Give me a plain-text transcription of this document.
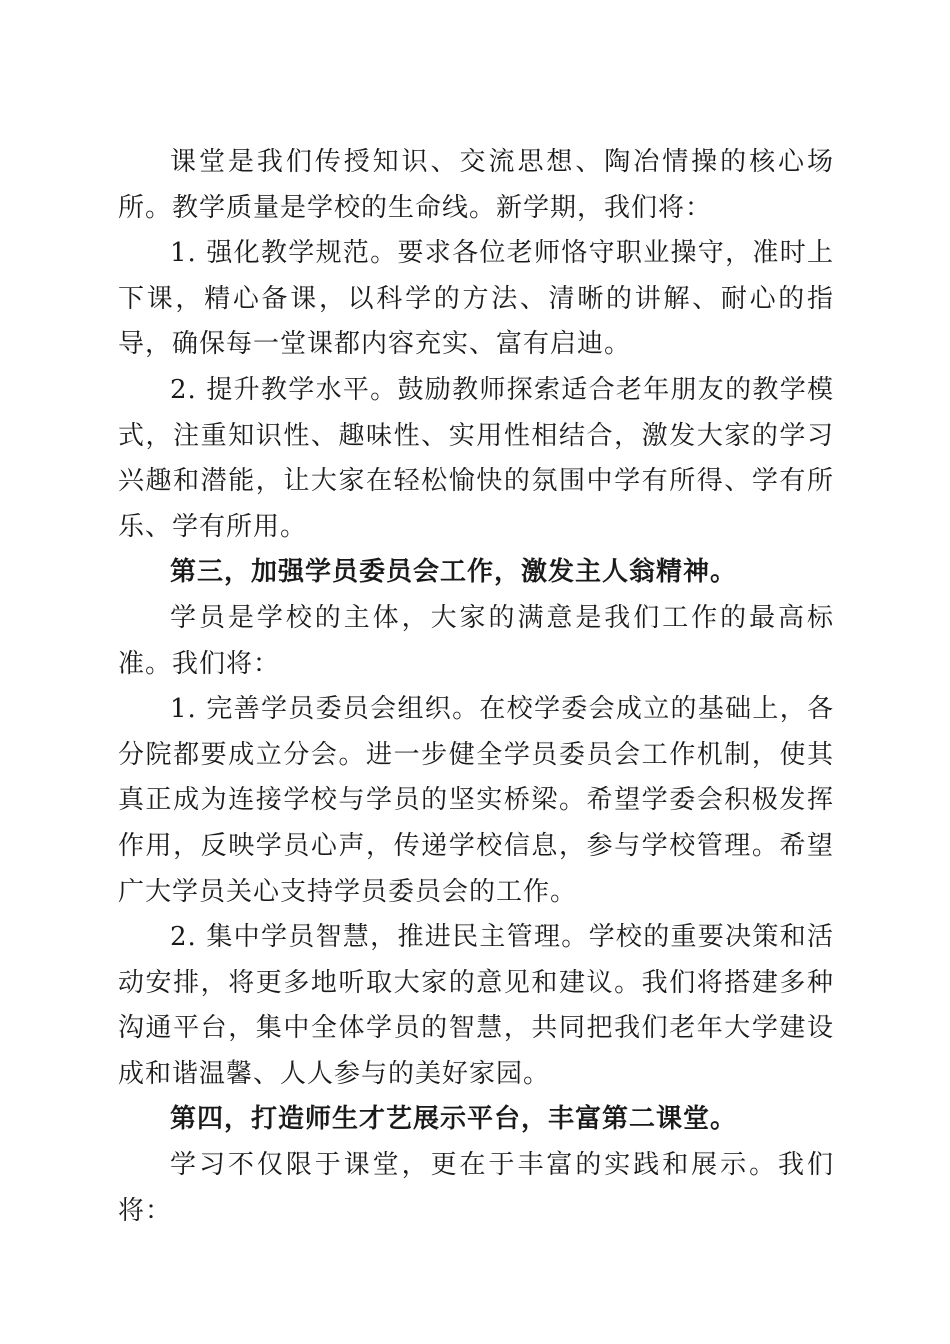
课堂是我们传授知识、交流思想、陶冶情操的核心场所。教学质量是学校的生命线。新学期，我们将：

1. 强化教学规范。要求各位老师恪守职业操守，准时上下课，精心备课，以科学的方法、清晰的讲解、耐心的指导，确保每一堂课都内容充实、富有启迪。

2. 提升教学水平。鼓励教师探索适合老年朋友的教学模式，注重知识性、趣味性、实用性相结合，激发大家的学习兴趣和潜能，让大家在轻松愉快的氛围中学有所得、学有所乐、学有所用。

第三，加强学员委员会工作，激发主人翁精神。

学员是学校的主体，大家的满意是我们工作的最高标准。我们将：

1. 完善学员委员会组织。在校学委会成立的基础上，各分院都要成立分会。进一步健全学员委员会工作机制，使其真正成为连接学校与学员的坚实桥梁。希望学委会积极发挥作用，反映学员心声，传递学校信息，参与学校管理。希望广大学员关心支持学员委员会的工作。

2. 集中学员智慧，推进民主管理。学校的重要决策和活动安排，将更多地听取大家的意见和建议。我们将搭建多种沟通平台，集中全体学员的智慧，共同把我们老年大学建设成和谐温馨、人人参与的美好家园。

第四，打造师生才艺展示平台，丰富第二课堂。

学习不仅限于课堂，更在于丰富的实践和展示。我们将：
